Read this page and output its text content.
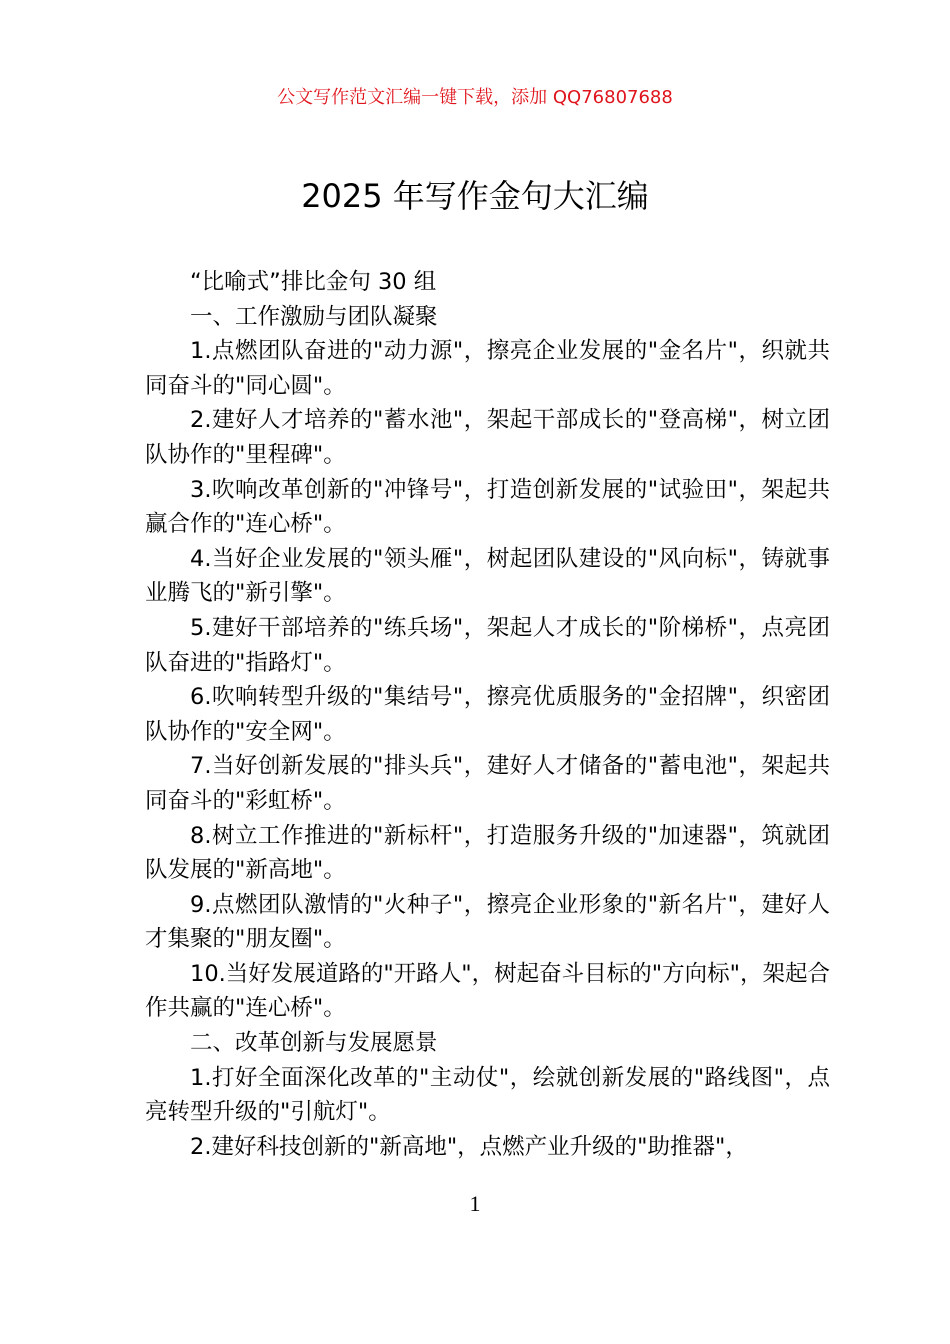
公文写作范文汇编一键下载，添加 QQ76807688
2025 年写作金句大汇编

“比喻式”排比金句 30 组

一、工作激励与团队凝聚

1.点燃团队奋进的"动力源"，擦亮企业发展的"金名片"，织就共同奋斗的"同心圆"。

2.建好人才培养的"蓄水池"，架起干部成长的"登高梯"，树立团队协作的"里程碑"。

3.吹响改革创新的"冲锋号"，打造创新发展的"试验田"，架起共赢合作的"连心桥"。

4.当好企业发展的"领头雁"，树起团队建设的"风向标"，铸就事业腾飞的"新引擎"。

5.建好干部培养的"练兵场"，架起人才成长的"阶梯桥"，点亮团队奋进的"指路灯"。

6.吹响转型升级的"集结号"，擦亮优质服务的"金招牌"，织密团队协作的"安全网"。

7.当好创新发展的"排头兵"，建好人才储备的"蓄电池"，架起共同奋斗的"彩虹桥"。

8.树立工作推进的"新标杆"，打造服务升级的"加速器"，筑就团队发展的"新高地"。

9.点燃团队激情的"火种子"，擦亮企业形象的"新名片"，建好人才集聚的"朋友圈"。

10.当好发展道路的"开路人"，树起奋斗目标的"方向标"，架起合作共赢的"连心桥"。

二、改革创新与发展愿景

1.打好全面深化改革的"主动仗"，绘就创新发展的"路线图"，点亮转型升级的"引航灯"。

2.建好科技创新的"新高地"，点燃产业升级的"助推器"，

1
